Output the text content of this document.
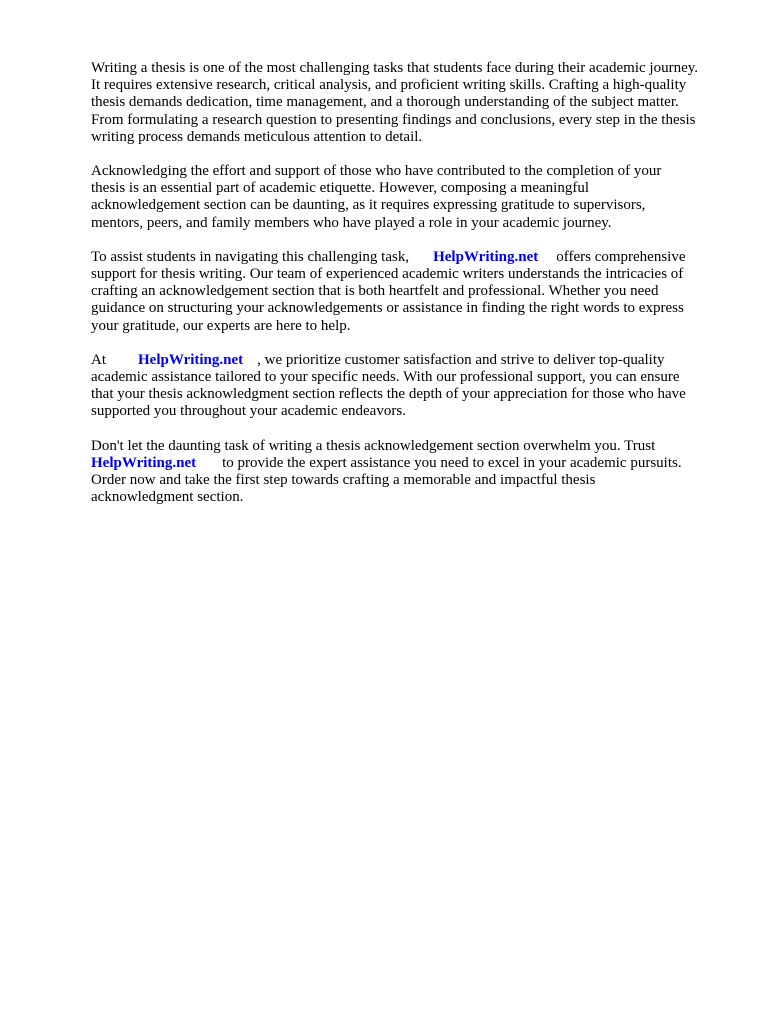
Writing a thesis is one of the most challenging tasks that students face during their academic journey.
It requires extensive research, critical analysis, and proficient writing skills. Crafting a high-quality
thesis demands dedication, time management, and a thorough understanding of the subject matter.
From formulating a research question to presenting findings and conclusions, every step in the thesis
writing process demands meticulous attention to detail.

Acknowledging the effort and support of those who have contributed to the completion of your
thesis is an essential part of academic etiquette. However, composing a meaningful
acknowledgement section can be daunting, as it requires expressing gratitude to supervisors,
mentors, peers, and family members who have played a role in your academic journey.

To assist students in navigating this challenging task, HelpWriting.net offers comprehensive
support for thesis writing. Our team of experienced academic writers understands the intricacies of
crafting an acknowledgement section that is both heartfelt and professional. Whether you need
guidance on structuring your acknowledgements or assistance in finding the right words to express
your gratitude, our experts are here to help.

At HelpWriting.net , we prioritize customer satisfaction and strive to deliver top-quality
academic assistance tailored to your specific needs. With our professional support, you can ensure
that your thesis acknowledgment section reflects the depth of your appreciation for those who have
supported you throughout your academic endeavors.

Don't let the daunting task of writing a thesis acknowledgement section overwhelm you. Trust
HelpWriting.net to provide the expert assistance you need to excel in your academic pursuits.
Order now and take the first step towards crafting a memorable and impactful thesis
acknowledgment section.
